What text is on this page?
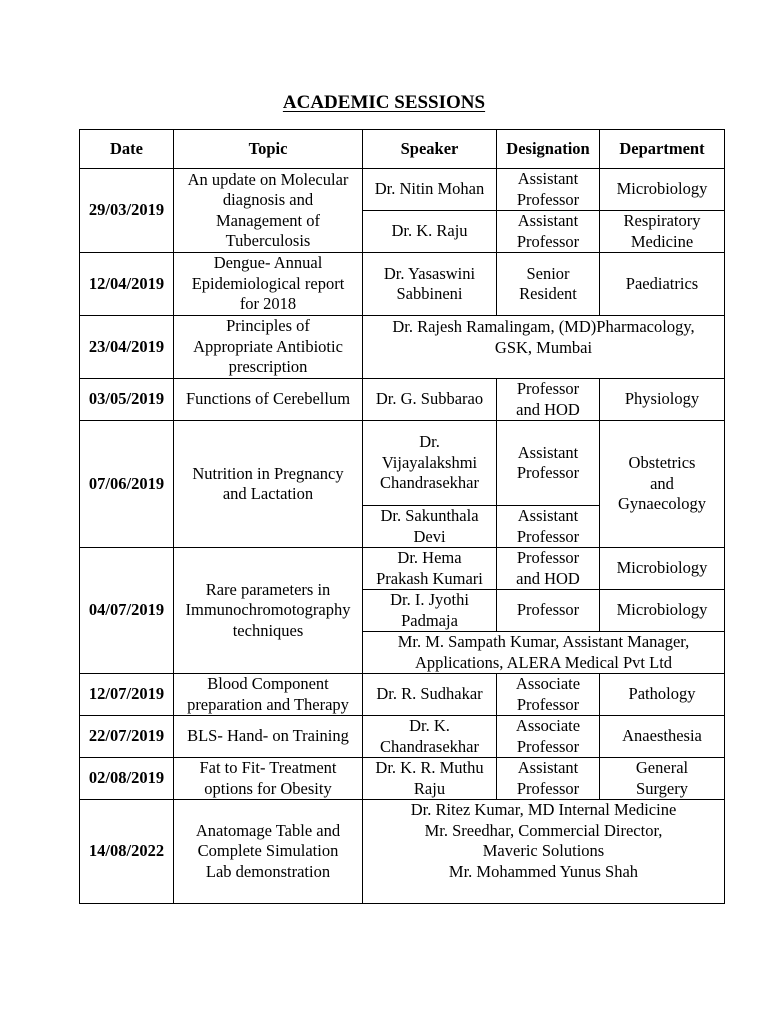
ACADEMIC SESSIONS
Date	Topic	Speaker	Designation	Department

29/03/2019	An update on Molecular
diagnosis and
Management of
Tuberculosis	Dr. Nitin Mohan	Assistant
Professor	Microbiology

		Dr. K. Raju	Assistant
Professor	Respiratory
Medicine

12/04/2019	Dengue- Annual
Epidemiological report
for 2018	Dr. Yasaswini
Sabbineni	Senior
Resident	Paediatrics

23/04/2019	Principles of
Appropriate Antibiotic
prescription	Dr. Rajesh Ramalingam, (MD)Pharmacology,
GSK, Mumbai		

03/05/2019	Functions of Cerebellum	Dr. G. Subbarao	Professor
and HOD	Physiology

07/06/2019	Nutrition in Pregnancy
and Lactation	Dr.
Vijayalakshmi
Chandrasekhar	Assistant
Professor	Obstetrics
and
Gynaecology

		Dr. Sakunthala
Devi	Assistant
Professor	

04/07/2019	Rare parameters in
Immunochromotography
techniques	Dr. Hema
Prakash Kumari	Professor
and HOD	Microbiology

		Dr. I. Jyothi
Padmaja	Professor	Microbiology

		Mr. M. Sampath Kumar, Assistant Manager,
Applications, ALERA Medical Pvt Ltd		

12/07/2019	Blood Component
preparation and Therapy	Dr. R. Sudhakar	Associate
Professor	Pathology

22/07/2019	BLS- Hand- on Training	Dr. K.
Chandrasekhar	Associate
Professor	Anaesthesia

02/08/2019	Fat to Fit- Treatment
options for Obesity	Dr. K. R. Muthu
Raju	Assistant
Professor	General
Surgery

14/08/2022	Anatomage Table and
Complete Simulation
Lab demonstration	Dr. Ritez Kumar, MD Internal Medicine
Mr. Sreedhar, Commercial Director,
Maveric Solutions
Mr. Mohammed Yunus Shah		
